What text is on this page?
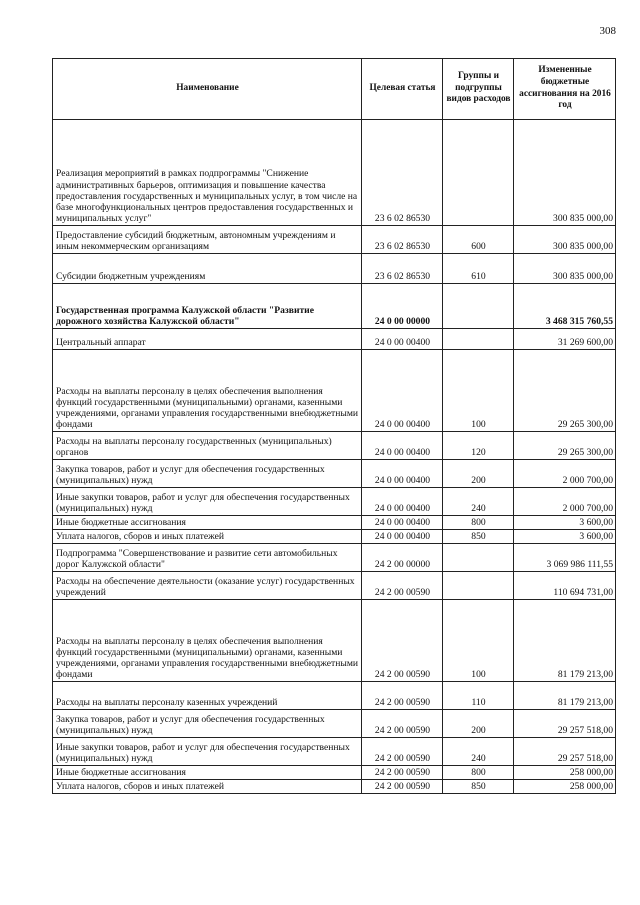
308
Наименование	Целевая статья	Группы и подгруппы видов расходов	Измененные бюджетные ассигнования на 2016 год
Реализация мероприятий в рамках подпрограммы "Снижение административных барьеров, оптимизация и повышение качества предоставления государственных и муниципальных услуг, в том числе на базе многофункциональных центров предоставления государственных и муниципальных услуг"	23 6 02 86530		300 835 000,00
Предоставление субсидий бюджетным, автономным учреждениям и иным некоммерческим организациям	23 6 02 86530	600	300 835 000,00
Субсидии бюджетным учреждениям	23 6 02 86530	610	300 835 000,00
Государственная программа Калужской области "Развитие дорожного хозяйства Калужской области"	24 0 00 00000		3 468 315 760,55
Центральный аппарат	24 0 00 00400		31 269 600,00
Расходы на выплаты персоналу в целях обеспечения выполнения функций государственными (муниципальными) органами, казенными учреждениями, органами управления государственными внебюджетными фондами	24 0 00 00400	100	29 265 300,00
Расходы на выплаты персоналу государственных (муниципальных) органов	24 0 00 00400	120	29 265 300,00
Закупка товаров, работ и услуг для обеспечения государственных (муниципальных) нужд	24 0 00 00400	200	2 000 700,00
Иные закупки товаров, работ и услуг для обеспечения государственных (муниципальных) нужд	24 0 00 00400	240	2 000 700,00
Иные бюджетные ассигнования	24 0 00 00400	800	3 600,00
Уплата налогов, сборов и иных платежей	24 0 00 00400	850	3 600,00
Подпрограмма "Совершенствование и развитие сети автомобильных дорог Калужской области"	24 2 00 00000		3 069 986 111,55
Расходы на обеспечение деятельности (оказание услуг) государственных учреждений	24 2 00 00590		110 694 731,00
Расходы на выплаты персоналу в целях обеспечения выполнения функций государственными (муниципальными) органами, казенными учреждениями, органами управления государственными внебюджетными фондами	24 2 00 00590	100	81 179 213,00
Расходы на выплаты персоналу казенных учреждений	24 2 00 00590	110	81 179 213,00
Закупка товаров, работ и услуг для обеспечения государственных (муниципальных) нужд	24 2 00 00590	200	29 257 518,00
Иные закупки товаров, работ и услуг для обеспечения государственных (муниципальных) нужд	24 2 00 00590	240	29 257 518,00
Иные бюджетные ассигнования	24 2 00 00590	800	258 000,00
Уплата налогов, сборов и иных платежей	24 2 00 00590	850	258 000,00
